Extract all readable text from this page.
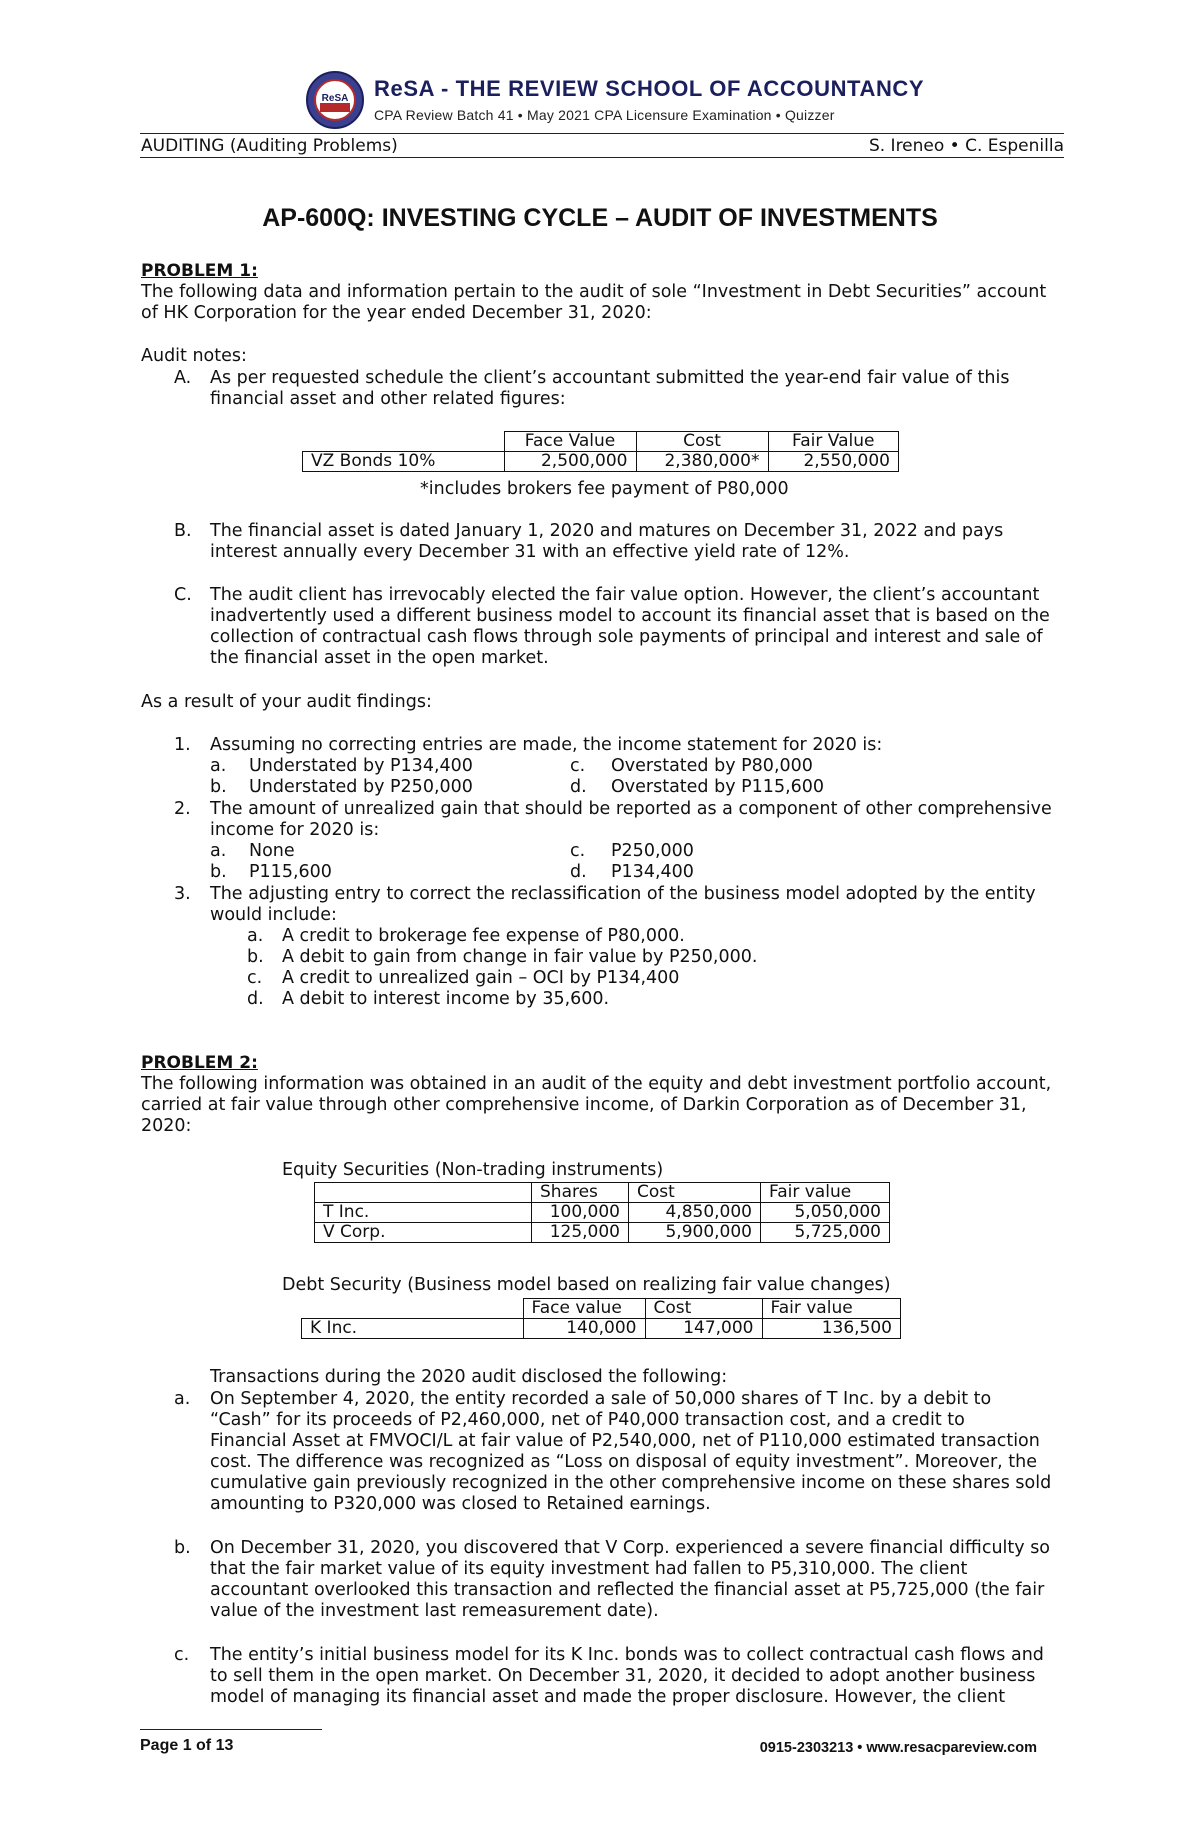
ReSA ReSA - THE REVIEW SCHOOL OF ACCOUNTANCY
CPA Review Batch 41 • May 2021 CPA Licensure Examination • Quizzer
AUDITING (Auditing Problems)	S. Ireneo • C. Espenilla
AP-600Q: INVESTING CYCLE – AUDIT OF INVESTMENTS
PROBLEM 1:
The following data and information pertain to the audit of sole “Investment in Debt Securities” account
of HK Corporation for the year ended December 31, 2020:
Audit notes:
A. As per requested schedule the client’s accountant submitted the year-end fair value of this
financial asset and other related figures:
	Face Value	Cost	Fair Value
VZ Bonds 10%	2,500,000	2,380,000*	2,550,000
*includes brokers fee payment of P80,000
B. The financial asset is dated January 1, 2020 and matures on December 31, 2022 and pays
interest annually every December 31 with an effective yield rate of 12%.
C. The audit client has irrevocably elected the fair value option. However, the client’s accountant
inadvertently used a different business model to account its financial asset that is based on the
collection of contractual cash flows through sole payments of principal and interest and sale of
the financial asset in the open market.
As a result of your audit findings:
1. Assuming no correcting entries are made, the income statement for 2020 is:
a. Understated by P134,400	c. Overstated by P80,000
b. Understated by P250,000	d. Overstated by P115,600
2. The amount of unrealized gain that should be reported as a component of other comprehensive
income for 2020 is:
a. None	c. P250,000
b. P115,600	d. P134,400
3. The adjusting entry to correct the reclassification of the business model adopted by the entity
would include:
a. A credit to brokerage fee expense of P80,000.
b. A debit to gain from change in fair value by P250,000.
c. A credit to unrealized gain – OCI by P134,400
d. A debit to interest income by 35,600.
PROBLEM 2:
The following information was obtained in an audit of the equity and debt investment portfolio account,
carried at fair value through other comprehensive income, of Darkin Corporation as of December 31,
2020:
Equity Securities (Non-trading instruments)
	Shares	Cost	Fair value
T Inc.	100,000	4,850,000	5,050,000
V Corp.	125,000	5,900,000	5,725,000
Debt Security (Business model based on realizing fair value changes)
	Face value	Cost	Fair value
K Inc.	140,000	147,000	136,500
Transactions during the 2020 audit disclosed the following:
a. On September 4, 2020, the entity recorded a sale of 50,000 shares of T Inc. by a debit to
“Cash” for its proceeds of P2,460,000, net of P40,000 transaction cost, and a credit to
Financial Asset at FMVOCI/L at fair value of P2,540,000, net of P110,000 estimated transaction
cost. The difference was recognized as “Loss on disposal of equity investment”. Moreover, the
cumulative gain previously recognized in the other comprehensive income on these shares sold
amounting to P320,000 was closed to Retained earnings.
b. On December 31, 2020, you discovered that V Corp. experienced a severe financial difficulty so
that the fair market value of its equity investment had fallen to P5,310,000. The client
accountant overlooked this transaction and reflected the financial asset at P5,725,000 (the fair
value of the investment last remeasurement date).
c. The entity’s initial business model for its K Inc. bonds was to collect contractual cash flows and
to sell them in the open market. On December 31, 2020, it decided to adopt another business
model of managing its financial asset and made the proper disclosure. However, the client
Page 1 of 13	0915-2303213 • www.resacpareview.com
